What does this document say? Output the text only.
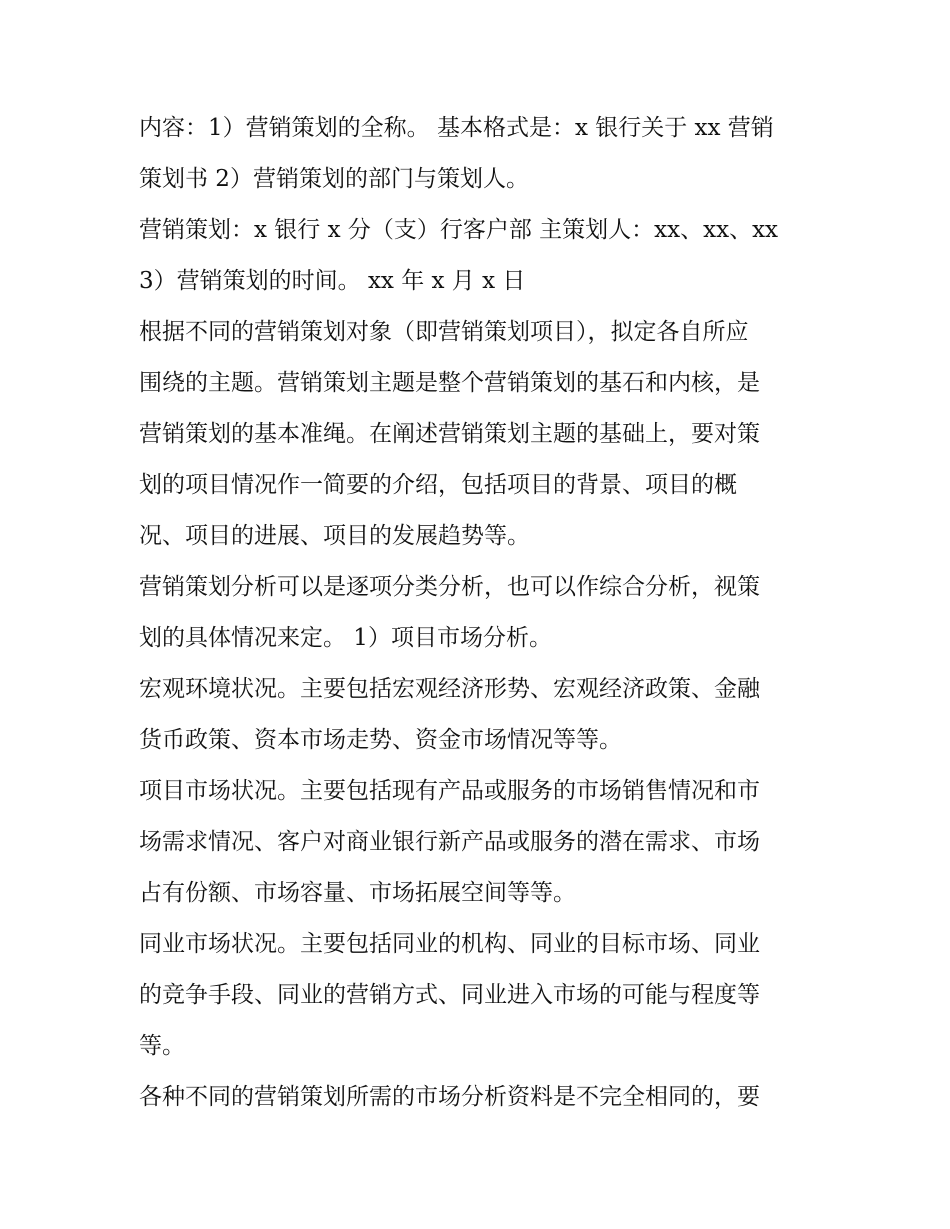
内容：1）营销策划的全称。 基本格式是：x 银行关于 xx 营销
策划书 2）营销策划的部门与策划人。
营销策划：x 银行 x 分（支）行客户部 主策划人：xx、xx、xx
3）营销策划的时间。 xx 年 x 月 x 日
根据不同的营销策划对象（即营销策划项目），拟定各自所应
围绕的主题。营销策划主题是整个营销策划的基石和内核，是
营销策划的基本准绳。在阐述营销策划主题的基础上，要对策
划的项目情况作一简要的介绍，包括项目的背景、项目的概
况、项目的进展、项目的发展趋势等。
营销策划分析可以是逐项分类分析，也可以作综合分析，视策
划的具体情况来定。 1）项目市场分析。
宏观环境状况。主要包括宏观经济形势、宏观经济政策、金融
货币政策、资本市场走势、资金市场情况等等。
项目市场状况。主要包括现有产品或服务的市场销售情况和市
场需求情况、客户对商业银行新产品或服务的潜在需求、市场
占有份额、市场容量、市场拓展空间等等。
同业市场状况。主要包括同业的机构、同业的目标市场、同业
的竞争手段、同业的营销方式、同业进入市场的可能与程度等
等。
各种不同的营销策划所需的市场分析资料是不完全相同的，要
